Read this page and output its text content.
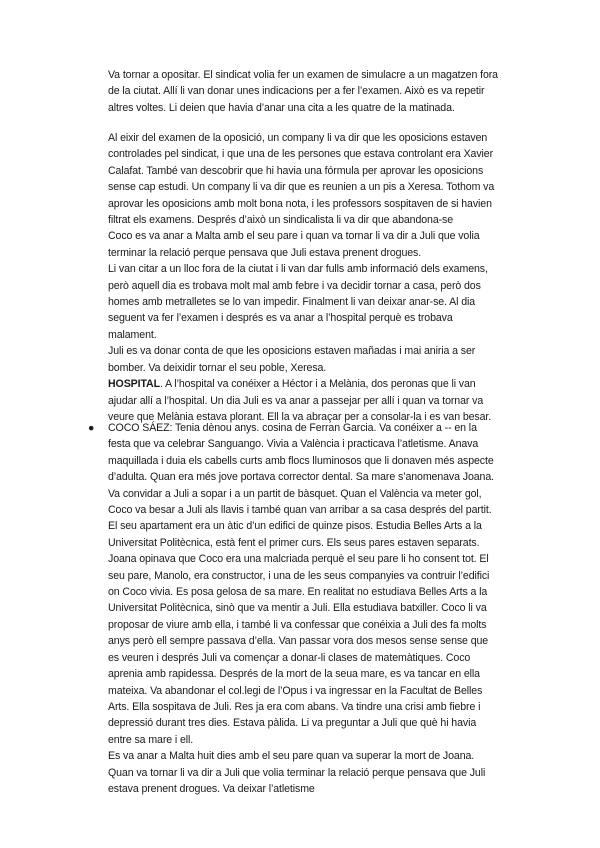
Va tornar a opositar. El sindicat volia fer un examen de simulacre a un magatzen fora
de la ciutat. Allí li van donar unes indicacions per a fer l’examen. Això es va repetir
altres voltes. Li deien que havia d’anar una cita a les quatre de la matinada.
Al eixir del examen de la oposició, un company li va dir que les oposicions estaven
controlades pel sindicat, i que una de les persones que estava controlant era Xavier
Calafat. També van descobrir que hi havia una fórmula per aprovar les oposicions
sense cap estudi. Un company li va dir que es reunien a un pis a Xeresa. Tothom va
aprovar les oposicions amb molt bona nota, i les professors sospitaven de si havien
filtrat els examens. Després d’això un sindicalista li va dir que abandona-se
Coco es va anar a Malta amb el seu pare i quan va tornar li va dir a Juli que volia
terminar la relació perque pensava que Juli estava prenent drogues.
Li van citar a un lloc fora de la ciutat i li van dar fulls amb informació dels examens,
però aquell dia es trobava molt mal amb febre i va decidir tornar a casa, però dos
homes amb metralletes se lo van impedir. Finalment li van deixar anar-se. Al dia
seguent va fer l’examen i després es va anar a l’hospital perquè es trobava
malament.
Juli es va donar conta de que les oposicions estaven mañadas i mai aniria a ser
bomber. Va deixidir tornar el seu poble, Xeresa.
HOSPITAL. A l’hospital va conéixer a Héctor i a Melània, dos peronas que li van
ajudar allí a l’hospital. Un dia Juli es va anar a passejar per allí i quan va tornar va
veure que Melània estava plorant. Ell la va abraçar per a consolar-la i es van besar.
● COCO SÁEZ: Tenia dènou anys. cosina de Ferran Garcia. Va conéixer a -- en la
festa que va celebrar Sanguango. Vivia a València i practicava l’atletisme. Anava
maquillada i duia els cabells curts amb flocs lluminosos que li donaven més aspecte
d’adulta. Quan era més jove portava corrector dental. Sa mare s’anomenava Joana.
Va convidar a Juli a sopar i a un partit de bàsquet. Quan el València va meter gol,
Coco va besar a Juli als llavis i també quan van arribar a sa casa després del partit.
El seu apartament era un àtic d’un edifici de quinze pisos. Estudia Belles Arts a la
Universitat Politècnica, està fent el primer curs. Els seus pares estaven separats.
Joana opinava que Coco era una malcriada perquè el seu pare li ho consent tot. El
seu pare, Manolo, era constructor, i una de les seus companyies va contruir l’edifici
on Coco vivia. Es posa gelosa de sa mare. En realitat no estudiava Belles Arts a la
Universitat Politècnica, sinò que va mentir a Juli. Ella estudiava batxiller. Coco li va
proposar de viure amb ella, i també li va confessar que conéixia a Juli des fa molts
anys però ell sempre passava d’ella. Van passar vora dos mesos sense sense que
es veuren i després Juli va començar a donar-li clases de matemàtiques. Coco
aprenia amb rapidessa. Després de la mort de la seua mare, es va tancar en ella
mateixa. Va abandonar el col.legi de l’Opus i va ingressar en la Facultat de Belles
Arts. Ella sospitava de Juli. Res ja era com abans. Va tindre una crisi amb fiebre i
depressió durant tres dies. Estava pàlida. Li va preguntar a Juli que què hi havia
entre sa mare i ell.
Es va anar a Malta huit dies amb el seu pare quan va superar la mort de Joana.
Quan va tornar li va dir a Juli que volia terminar la relació perque pensava que Juli
estava prenent drogues. Va deixar l’atletisme
